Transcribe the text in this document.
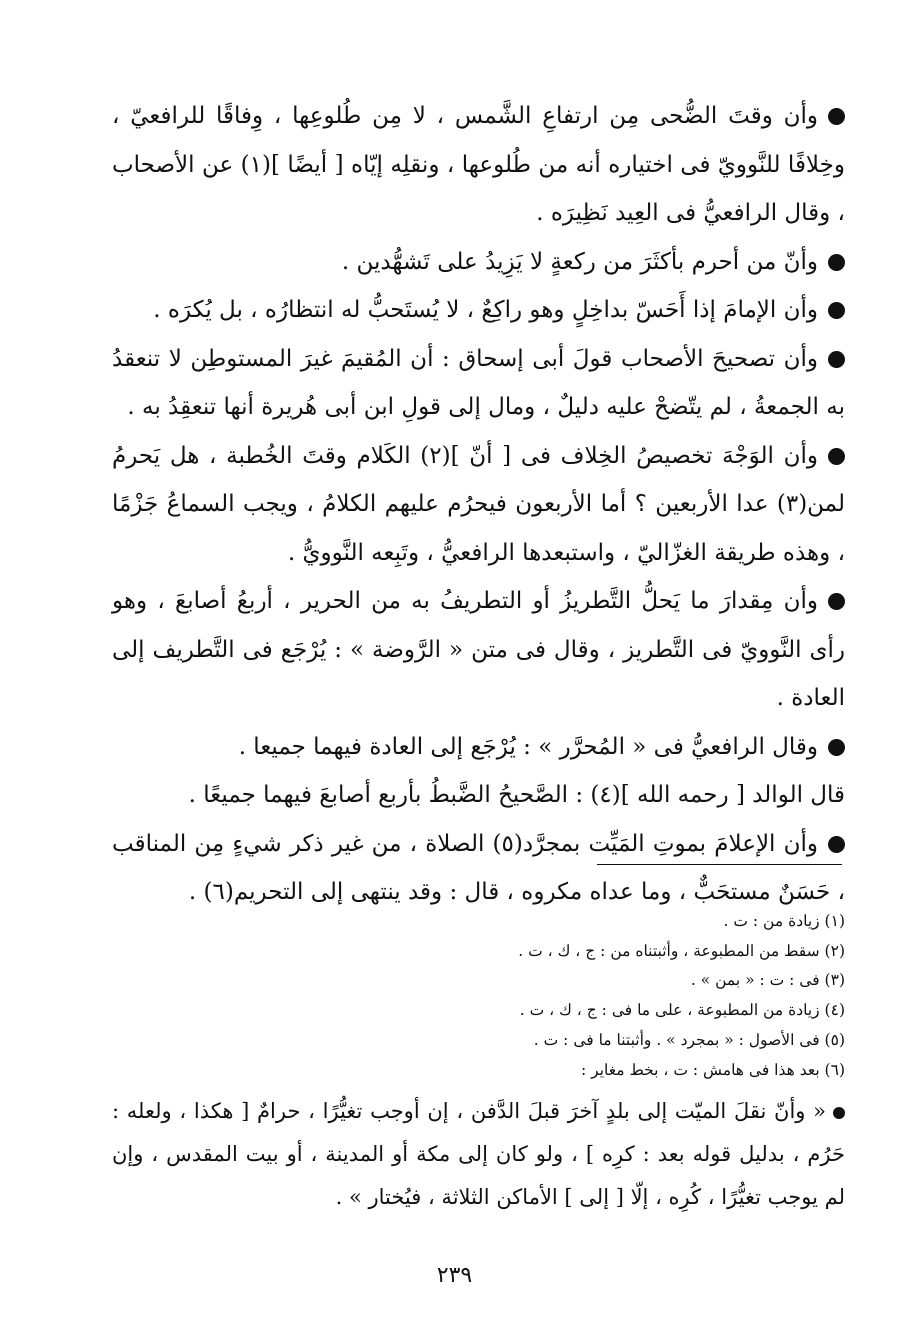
وأن وقتَ الضُّحى مِن ارتفاعِ الشَّمس ، لا مِن طُلوعِها ، وِفاقًا للرافعيّ ، وخِلافًا للنَّوويّ فى اختياره أنه من طُلوعها ، ونقلِه إيّاه [ أيضًا ](١) عن الأصحاب ، وقال الرافعيُّ فى العِيد نَظِيرَه .

وأنّ من أحرم بأكثَرَ من ركعةٍ لا يَزِيدُ على تَشهُّدين .

وأن الإمامَ إذا أَحَسّ بداخِلٍ وهو راكِعٌ ، لا يُستَحبُّ له انتظارُه ، بل يُكرَه .

وأن تصحيحَ الأصحاب قولَ أبى إسحاق : أن المُقيمَ غيرَ المستوطِن لا تنعقدُ به الجمعةُ ، لم يتّضحْ عليه دليلٌ ، ومال إلى قولِ ابن أبى هُريرة أنها تنعقِدُ به .

وأن الوَجْهَ تخصيصُ الخِلاف فى [ أنّ ](٢) الكَلام وقتَ الخُطبة ، هل يَحرمُ لمن(٣) عدا الأربعين ؟ أما الأربعون فيحرُم عليهم الكلامُ ، ويجب السماعُ جَزْمًا ، وهذه طريقة الغزّاليّ ، واستبعدها الرافعيُّ ، وتَبِعه النَّوويُّ .

وأن مِقدارَ ما يَحلُّ التَّطريزُ أو التطريفُ به من الحرير ، أربعُ أصابعَ ، وهو رأى النَّوويّ فى التَّطريز ، وقال فى متن « الرَّوضة » : يُرْجَع فى التَّطريف إلى العادة .

وقال الرافعيُّ فى « المُحرَّر » : يُرْجَع إلى العادة فيهما جميعا .

قال الوالد [ رحمه الله ](٤) : الصَّحيحُ الضَّبطُ بأربع أصابعَ فيهما جميعًا .

وأن الإعلامَ بموتِ المَيِّت بمجرَّد(٥) الصلاة ، من غير ذكر شيءٍ مِن المناقب ، حَسَنٌ مستحَبٌّ ، وما عداه مكروه ، قال : وقد ينتهى إلى التحريم(٦) .

(١) زيادة من : ت .

(٢) سقط من المطبوعة ، وأثبتناه من : ج ، ك ، ت .

(٣) فى : ت : « بمن » .

(٤) زيادة من المطبوعة ، على ما فى : ج ، ك ، ت .

(٥) فى الأصول : « بمجرد » . وأثبتنا ما فى : ت .

(٦) بعد هذا فى هامش : ت ، بخط مغاير :

« وأنّ نقلَ الميّت إلى بلدٍ آخرَ قبلَ الدَّفن ، إن أوجب تغيُّرًا ، حرامٌ [ هكذا ، ولعله : حَرُم ، بدليل قوله بعد : كرِه ] ، ولو كان إلى مكة أو المدينة ، أو بيت المقدس ، وإن لم يوجب تغيُّرًا ، كُرِه ، إلّا [ إلى ] الأماكن الثلاثة ، فيُختار » .

٢٣٩
